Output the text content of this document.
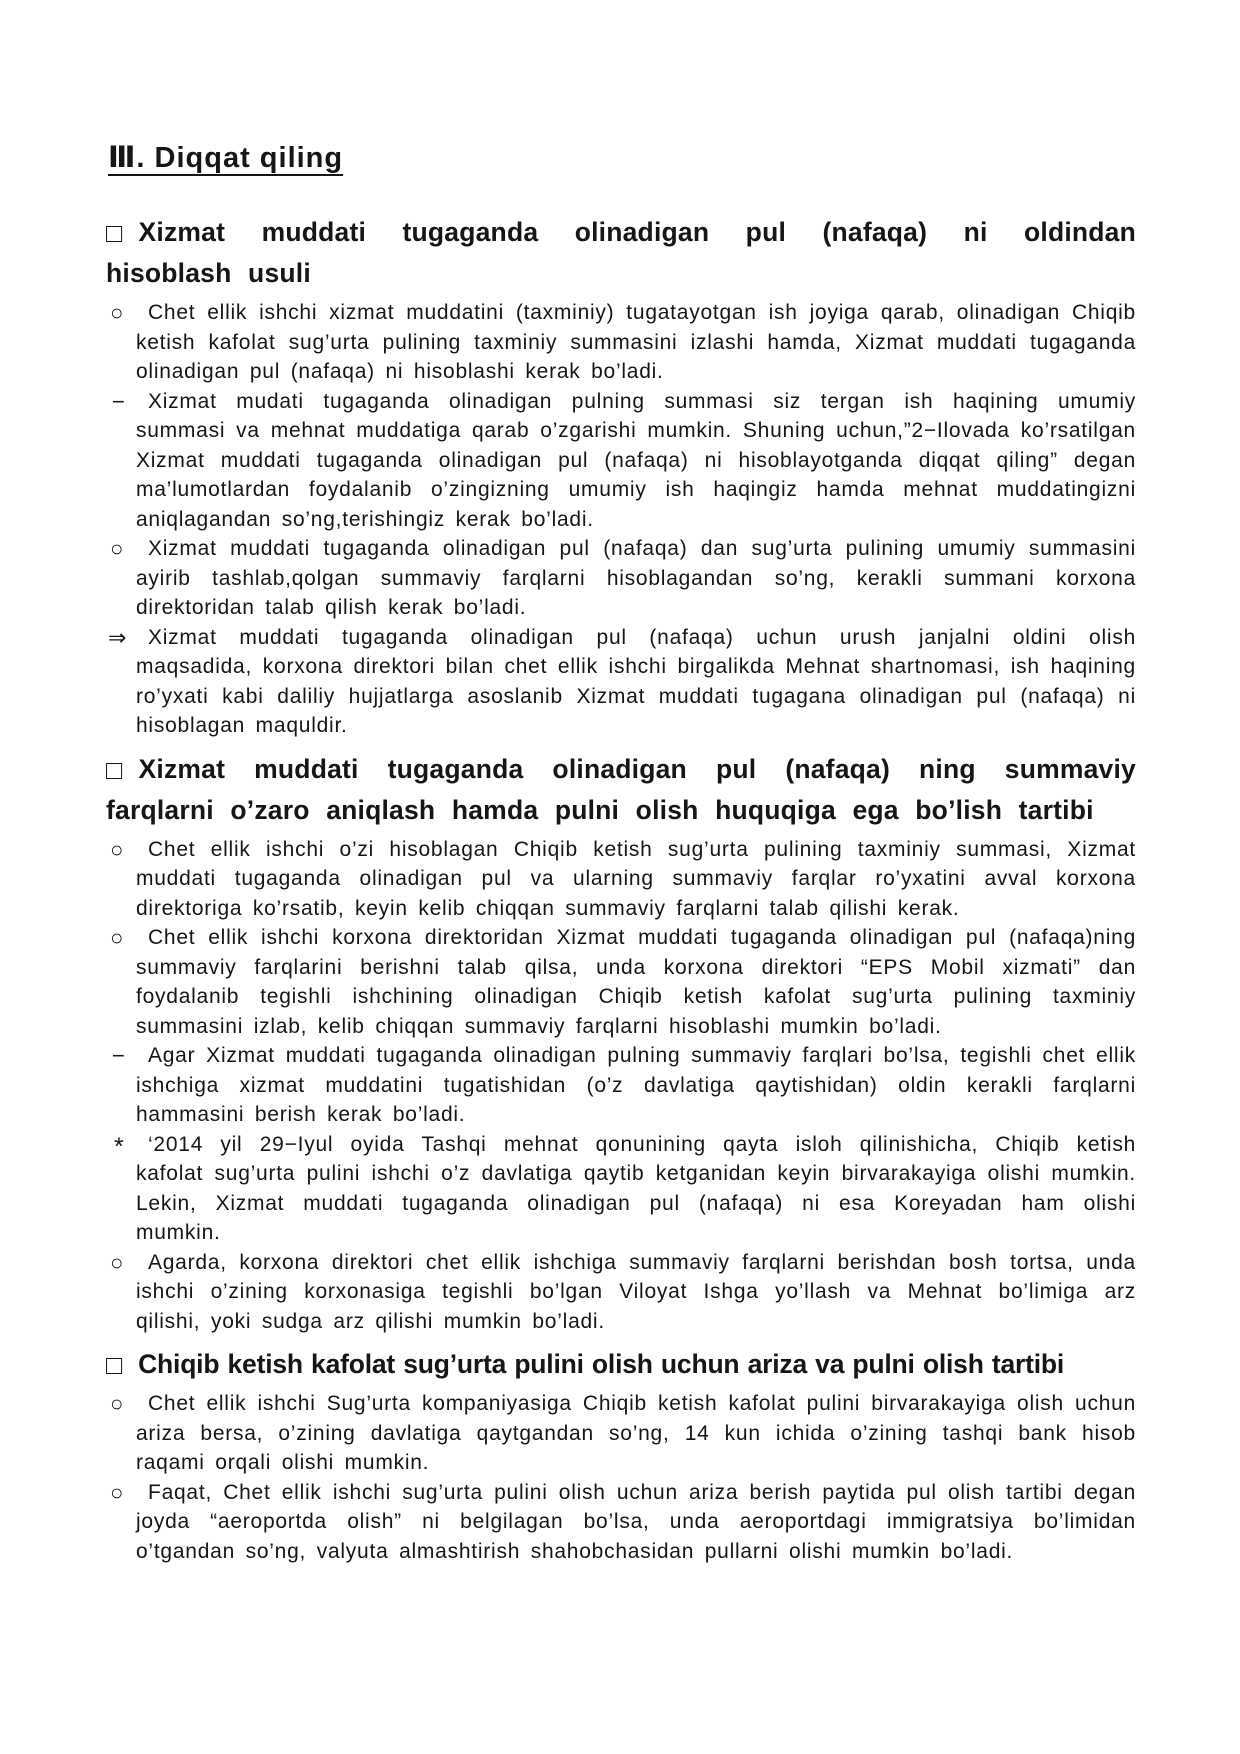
Ⅲ. Diqqat qiling
□ Xizmat muddati tugaganda olinadigan pul (nafaqa) ni oldindan hisoblash usuli
○ Chet ellik ishchi xizmat muddatini (taxminiy) tugatayotgan ish joyiga qarab, olinadigan Chiqib ketish kafolat sug’urta pulining taxminiy summasini izlashi hamda, Xizmat muddati tugaganda olinadigan pul (nafaqa) ni hisoblashi kerak bo’ladi.
− Xizmat mudati tugaganda olinadigan pulning summasi siz tergan ish haqining umumiy summasi va mehnat muddatiga qarab o’zgarishi mumkin. Shuning uchun,”2−Ilovada ko’rsatilgan Xizmat muddati tugaganda olinadigan pul (nafaqa) ni hisoblayotganda diqqat qiling” degan ma’lumotlardan foydalanib o’zingizning umumiy ish haqingiz hamda mehnat muddatingizni aniqlagandan so’ng,terishingiz kerak bo’ladi.
○ Xizmat muddati tugaganda olinadigan pul (nafaqa) dan sug’urta pulining umumiy summasini ayirib tashlab,qolgan summaviy farqlarni hisoblagandan so’ng, kerakli summani korxona direktoridan talab qilish kerak bo’ladi.
⇒ Xizmat muddati tugaganda olinadigan pul (nafaqa) uchun urush janjalni oldini olish maqsadida, korxona direktori bilan chet ellik ishchi birgalikda Mehnat shartnomasi, ish haqining ro’yxati kabi daliliy hujjatlarga asoslanib Xizmat muddati tugagana olinadigan pul (nafaqa) ni hisoblagan maquldir.
□ Xizmat muddati tugaganda olinadigan pul (nafaqa) ning summaviy farqlarni o’zaro aniqlash hamda pulni olish huquqiga ega bo’lish tartibi
○ Chet ellik ishchi o’zi hisoblagan Chiqib ketish sug’urta pulining taxminiy summasi, Xizmat muddati tugaganda olinadigan pul va ularning summaviy farqlar ro’yxatini avval korxona direktoriga ko’rsatib, keyin kelib chiqqan summaviy farqlarni talab qilishi kerak.
○ Chet ellik ishchi korxona direktoridan Xizmat muddati tugaganda olinadigan pul (nafaqa)ning summaviy farqlarini berishni talab qilsa, unda korxona direktori “EPS Mobil xizmati” dan foydalanib tegishli ishchining olinadigan Chiqib ketish kafolat sug’urta pulining taxminiy summasini izlab, kelib chiqqan summaviy farqlarni hisoblashi mumkin bo’ladi.
− Agar Xizmat muddati tugaganda olinadigan pulning summaviy farqlari bo’lsa, tegishli chet ellik ishchiga xizmat muddatini tugatishidan (o’z davlatiga qaytishidan) oldin kerakli farqlarni hammasini berish kerak bo’ladi.
* ‘2014 yil 29−Iyul oyida Tashqi mehnat qonunining qayta isloh qilinishicha, Chiqib ketish kafolat sug’urta pulini ishchi o’z davlatiga qaytib ketganidan keyin birvarakayiga olishi mumkin. Lekin, Xizmat muddati tugaganda olinadigan pul (nafaqa) ni esa Koreyadan ham olishi mumkin.
○ Agarda, korxona direktori chet ellik ishchiga summaviy farqlarni berishdan bosh tortsa, unda ishchi o’zining korxonasiga tegishli bo’lgan Viloyat Ishga yo’llash va Mehnat bo’limiga arz qilishi, yoki sudga arz qilishi mumkin bo’ladi.
□ Chiqib ketish kafolat sug’urta pulini olish uchun ariza va pulni olish tartibi
○ Chet ellik ishchi Sug’urta kompaniyasiga Chiqib ketish kafolat pulini birvarakayiga olish uchun ariza bersa, o’zining davlatiga qaytgandan so’ng, 14 kun ichida o’zining tashqi bank hisob raqami orqali olishi mumkin.
○ Faqat, Chet ellik ishchi sug’urta pulini olish uchun ariza berish paytida pul olish tartibi degan joyda “aeroportda olish” ni belgilagan bo’lsa, unda aeroportdagi immigratsiya bo’limidan o’tgandan so’ng, valyuta almashtirish shahobchasidan pullarni olishi mumkin bo’ladi.
